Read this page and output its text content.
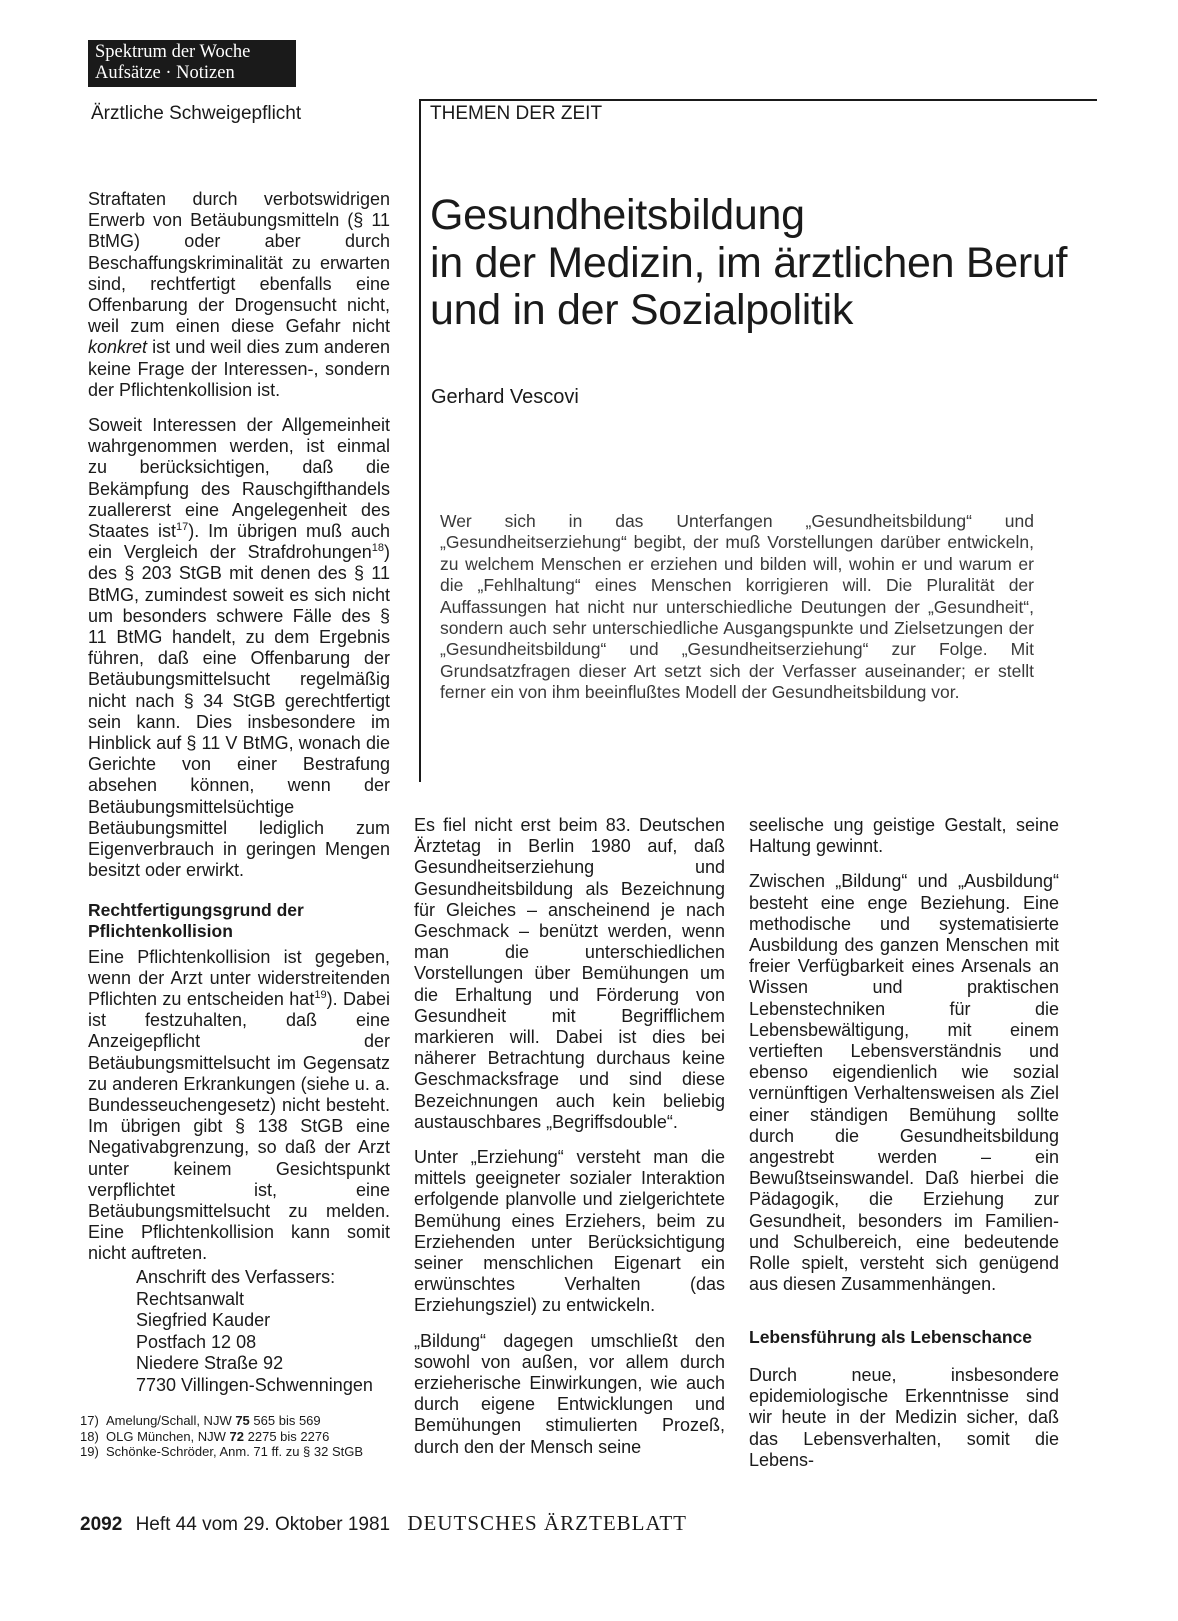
Spektrum der Woche
Aufsätze · Notizen
Ärztliche Schweigepflicht	THEMEN DER ZEIT

Straftaten durch verbotswidrigen Erwerb von Betäubungsmitteln (§ 11 BtMG) oder aber durch Beschaffungskriminalität zu erwarten sind, rechtfertigt ebenfalls eine Offenbarung der Drogensucht nicht, weil zum einen diese Gefahr nicht konkret ist und weil dies zum anderen keine Frage der Interessen-, sondern der Pflichtenkollision ist.

Soweit Interessen der Allgemeinheit wahrgenommen werden, ist einmal zu berücksichtigen, daß die Bekämpfung des Rauschgifthandels zuallererst eine Angelegenheit des Staates ist$^{17}$). Im übrigen muß auch ein Vergleich der Strafdrohungen$^{18}$) des § 203 StGB mit denen des § 11 BtMG, zumindest soweit es sich nicht um besonders schwere Fälle des § 11 BtMG handelt, zu dem Ergebnis führen, daß eine Offenbarung der Betäubungsmittelsucht regelmäßig nicht nach § 34 StGB gerechtfertigt sein kann. Dies insbesondere im Hinblick auf § 11 V BtMG, wonach die Gerichte von einer Bestrafung absehen können, wenn der Betäubungsmittelsüchtige Betäubungsmittel lediglich zum Eigenverbrauch in geringen Mengen besitzt oder erwirkt.

Rechtfertigungsgrund der Pflichtenkollision

Eine Pflichtenkollision ist gegeben, wenn der Arzt unter widerstreitenden Pflichten zu entscheiden hat$^{19}$). Dabei ist festzuhalten, daß eine Anzeigepflicht der Betäubungsmittelsucht im Gegensatz zu anderen Erkrankungen (siehe u. a. Bundesseuchengesetz) nicht besteht. Im übrigen gibt § 138 StGB eine Negativabgrenzung, so daß der Arzt unter keinem Gesichtspunkt verpflichtet ist, eine Betäubungsmittelsucht zu melden. Eine Pflichtenkollision kann somit nicht auftreten.

Anschrift des Verfassers:
Rechtsanwalt
Siegfried Kauder
Postfach 12 08
Niedere Straße 92
7730 Villingen-Schwenningen
17) Amelung/Schall, NJW 75 565 bis 569
18) OLG München, NJW 72 2275 bis 2276
19) Schönke-Schröder, Anm. 71 ff. zu § 32 StGB
Gesundheitsbildung
in der Medizin, im ärztlichen Beruf
und in der Sozialpolitik
Gerhard Vescovi
Wer sich in das Unterfangen „Gesundheitsbildung“ und „Gesundheitserziehung“ begibt, der muß Vorstellungen darüber entwickeln, zu welchem Menschen er erziehen und bilden will, wohin er und warum er die „Fehlhaltung“ eines Menschen korrigieren will. Die Pluralität der Auffassungen hat nicht nur unterschiedliche Deutungen der „Gesundheit“, sondern auch sehr unterschiedliche Ausgangspunkte und Zielsetzungen der „Gesundheitsbildung“ und „Gesundheitserziehung“ zur Folge. Mit Grundsatzfragen dieser Art setzt sich der Verfasser auseinander; er stellt ferner ein von ihm beeinflußtes Modell der Gesundheitsbildung vor.

Es fiel nicht erst beim 83. Deutschen Ärztetag in Berlin 1980 auf, daß Gesundheitserziehung und Gesundheitsbildung als Bezeichnung für Gleiches – anscheinend je nach Geschmack – benützt werden, wenn man die unterschiedlichen Vorstellungen über Bemühungen um die Erhaltung und Förderung von Gesundheit mit Begrifflichem markieren will. Dabei ist dies bei näherer Betrachtung durchaus keine Geschmacksfrage und sind diese Bezeichnungen auch kein beliebig austauschbares „Begriffsdouble“.

Unter „Erziehung“ versteht man die mittels geeigneter sozialer Interaktion erfolgende planvolle und zielgerichtete Bemühung eines Erziehers, beim zu Erziehenden unter Berücksichtigung seiner menschlichen Eigenart ein erwünschtes Verhalten (das Erziehungsziel) zu entwickeln.

„Bildung“ dagegen umschließt den sowohl von außen, vor allem durch erzieherische Einwirkungen, wie auch durch eigene Entwicklungen und Bemühungen stimulierten Prozeß, durch den der Mensch seine

seelische ung geistige Gestalt, seine Haltung gewinnt.

Zwischen „Bildung“ und „Ausbildung“ besteht eine enge Beziehung. Eine methodische und systematisierte Ausbildung des ganzen Menschen mit freier Verfügbarkeit eines Arsenals an Wissen und praktischen Lebenstechniken für die Lebensbewältigung, mit einem vertieften Lebensverständnis und ebenso eigendienlich wie sozial vernünftigen Verhaltensweisen als Ziel einer ständigen Bemühung sollte durch die Gesundheitsbildung angestrebt werden – ein Bewußtseinswandel. Daß hierbei die Pädagogik, die Erziehung zur Gesundheit, besonders im Familien- und Schulbereich, eine bedeutende Rolle spielt, versteht sich genügend aus diesen Zusammenhängen.

Lebensführung als Lebenschance

Durch neue, insbesondere epidemiologische Erkenntnisse sind wir heute in der Medizin sicher, daß das Lebensverhalten, somit die Lebens-

2092 Heft 44 vom 29. Oktober 1981 DEUTSCHES ÄRZTEBLATT
